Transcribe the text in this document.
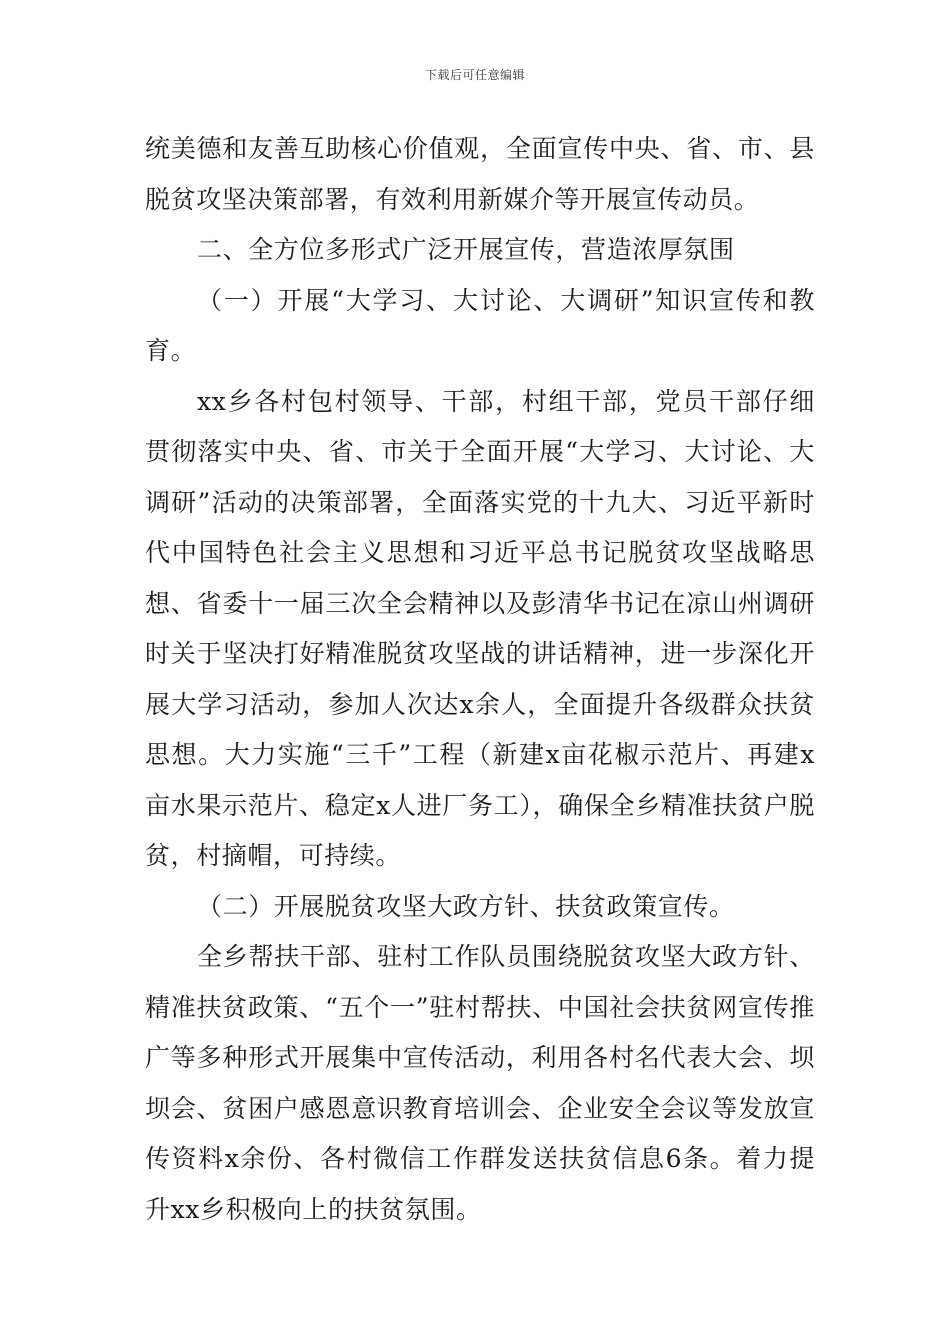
下载后可任意编辑

统美德和友善互助核心价值观，全面宣传中央、省、市、县脱贫攻坚决策部署，有效利用新媒介等开展宣传动员。

二、全方位多形式广泛开展宣传，营造浓厚氛围

（一）开展“大学习、大讨论、大调研”知识宣传和教育。

xx乡各村包村领导、干部，村组干部，党员干部仔细贯彻落实中央、省、市关于全面开展“大学习、大讨论、大调研”活动的决策部署，全面落实党的十九大、习近平新时代中国特色社会主义思想和习近平总书记脱贫攻坚战略思想、省委十一届三次全会精神以及彭清华书记在凉山州调研时关于坚决打好精准脱贫攻坚战的讲话精神，进一步深化开展大学习活动，参加人次达x余人，全面提升各级群众扶贫思想。大力实施“三千”工程（新建x亩花椒示范片、再建x亩水果示范片、稳定x人进厂务工），确保全乡精准扶贫户脱贫，村摘帽，可持续。

（二）开展脱贫攻坚大政方针、扶贫政策宣传。

全乡帮扶干部、驻村工作队员围绕脱贫攻坚大政方针、精准扶贫政策、“五个一”驻村帮扶、中国社会扶贫网宣传推广等多种形式开展集中宣传活动，利用各村名代表大会、坝坝会、贫困户感恩意识教育培训会、企业安全会议等发放宣传资料x余份、各村微信工作群发送扶贫信息6条。着力提升xx乡积极向上的扶贫氛围。
